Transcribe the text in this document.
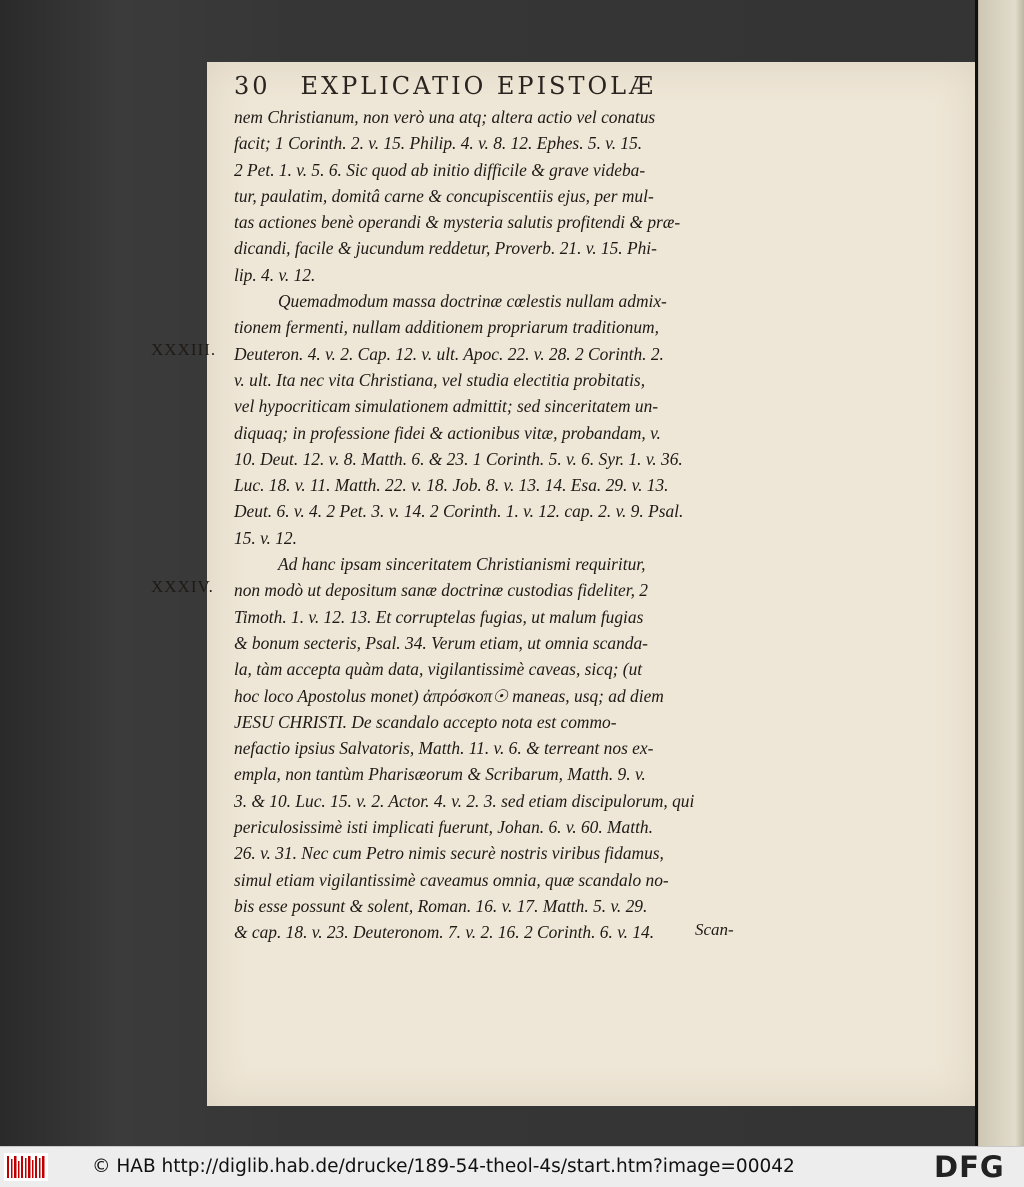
30 EXPLICATIO EPISTOLÆ
XXXIII.
XXXIV.
nem Christianum, non verò una atq; altera actio vel conatus
facit; 1 Corinth. 2. v. 15. Philip. 4. v. 8. 12. Ephes. 5. v. 15.
2 Pet. 1. v. 5. 6. Sic quod ab initio difficile & grave videba-
tur, paulatim, domitâ carne & concupiscentiis ejus, per mul-
tas actiones benè operandi & mysteria salutis profitendi & præ-
dicandi, facile & jucundum reddetur, Proverb. 21. v. 15. Phi-
lip. 4. v. 12.
Quemadmodum massa doctrinæ cœlestis nullam admix-
tionem fermenti, nullam additionem propriarum traditionum,
Deuteron. 4. v. 2. Cap. 12. v. ult. Apoc. 22. v. 28. 2 Corinth. 2.
v. ult. Ita nec vita Christiana, vel studia electitia probitatis,
vel hypocriticam simulationem admittit; sed sinceritatem un-
diquaq; in professione fidei & actionibus vitæ, probandam, v.
10. Deut. 12. v. 8. Matth. 6. & 23. 1 Corinth. 5. v. 6. Syr. 1. v. 36.
Luc. 18. v. 11. Matth. 22. v. 18. Job. 8. v. 13. 14. Esa. 29. v. 13.
Deut. 6. v. 4. 2 Pet. 3. v. 14. 2 Corinth. 1. v. 12. cap. 2. v. 9. Psal.
15. v. 12.
Ad hanc ipsam sinceritatem Christianismi requiritur,
non modò ut depositum sanæ doctrinæ custodias fideliter, 2
Timoth. 1. v. 12. 13. Et corruptelas fugias, ut malum fugias
& bonum secteris, Psal. 34. Verum etiam, ut omnia scanda-
la, tàm accepta quàm data, vigilantissimè caveas, sicq; (ut
hoc loco Apostolus monet) ἀπρόσκοπ☉ maneas, usq; ad diem
JESU CHRISTI. De scandalo accepto nota est commo-
nefactio ipsius Salvatoris, Matth. 11. v. 6. & terreant nos ex-
empla, non tantùm Pharisæorum & Scribarum, Matth. 9. v.
3. & 10. Luc. 15. v. 2. Actor. 4. v. 2. 3. sed etiam discipulorum, qui
periculosissimè isti implicati fuerunt, Johan. 6. v. 60. Matth.
26. v. 31. Nec cum Petro nimis securè nostris viribus fidamus,
simul etiam vigilantissimè caveamus omnia, quæ scandalo no-
bis esse possunt & solent, Roman. 16. v. 17. Matth. 5. v. 29.
& cap. 18. v. 23. Deuteronom. 7. v. 2. 16. 2 Corinth. 6. v. 14.	Scan-
© HAB http://diglib.hab.de/drucke/189-54-theol-4s/start.htm?image=00042	DFG
